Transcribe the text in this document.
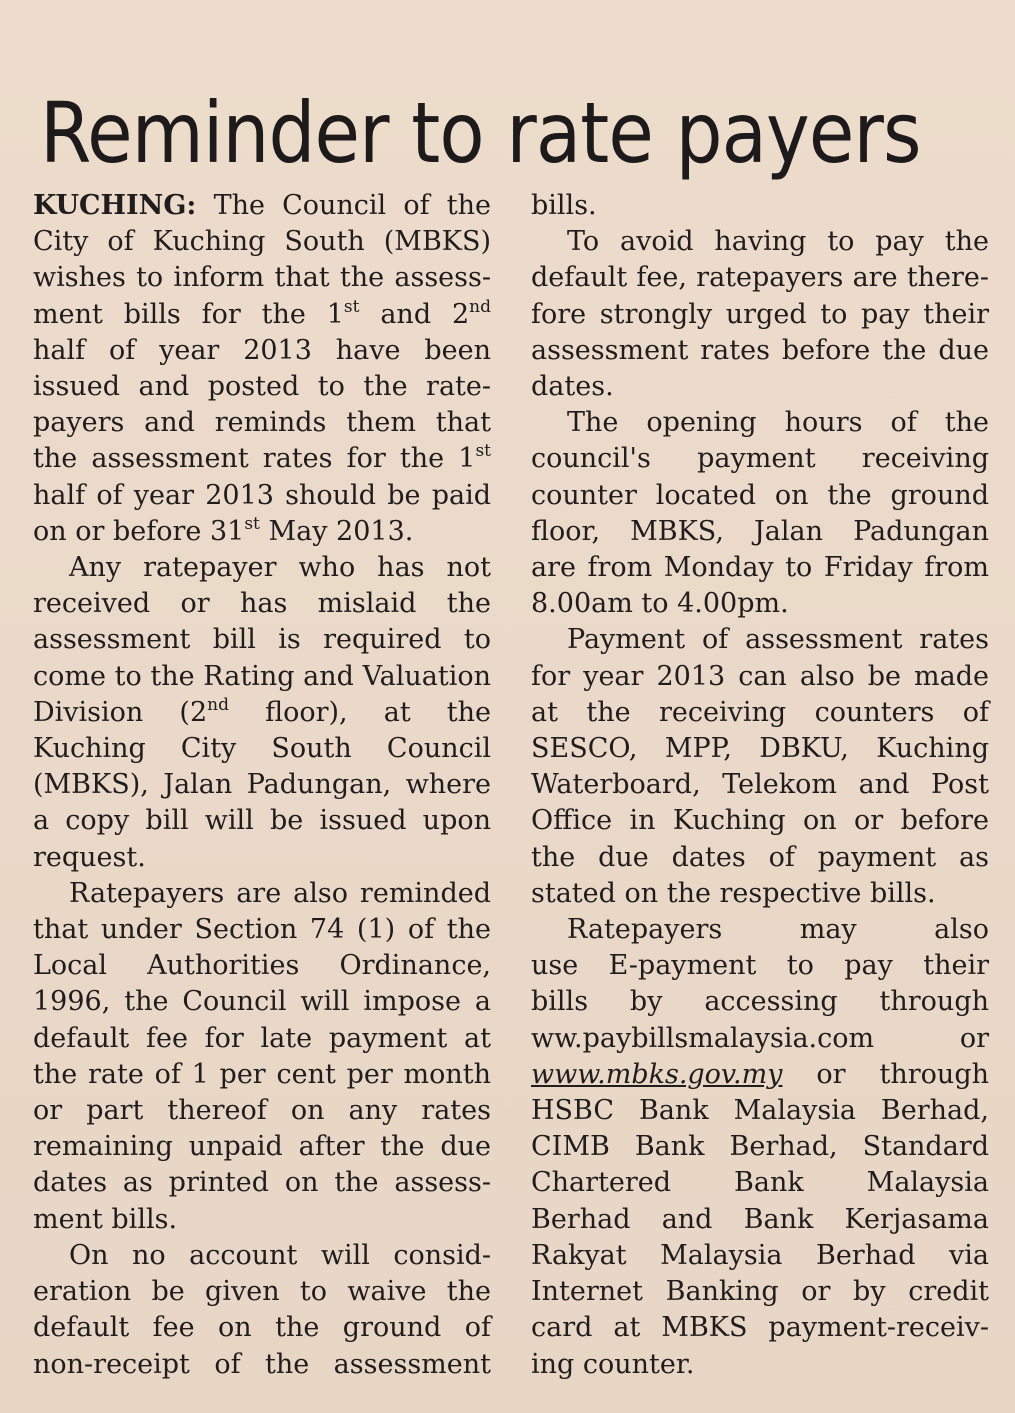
Reminder to rate payers

KUCHING: The Council of the
City of Kuching South (MBKS)
wishes to inform that the assess-
ment bills for the 1st and 2nd
half of year 2013 have been
issued and posted to the rate-
payers and reminds them that
the assessment rates for the 1st
half of year 2013 should be paid
on or before 31st May 2013.

Any ratepayer who has not
received or has mislaid the
assessment bill is required to
come to the Rating and Valuation
Division (2nd floor), at the
Kuching City South Council
(MBKS), Jalan Padungan, where
a copy bill will be issued upon
request.

Ratepayers are also reminded
that under Section 74 (1) of the
Local Authorities Ordinance,
1996, the Council will impose a
default fee for late payment at
the rate of 1 per cent per month
or part thereof on any rates
remaining unpaid after the due
dates as printed on the assess-
ment bills.

On no account will consid-
eration be given to waive the
default fee on the ground of
non-receipt of the assessment

bills.

To avoid having to pay the
default fee, ratepayers are there-
fore strongly urged to pay their
assessment rates before the due
dates.

The opening hours of the
council's payment receiving
counter located on the ground
floor, MBKS, Jalan Padungan
are from Monday to Friday from
8.00am to 4.00pm.

Payment of assessment rates
for year 2013 can also be made
at the receiving counters of
SESCO, MPP, DBKU, Kuching
Waterboard, Telekom and Post
Office in Kuching on or before
the due dates of payment as
stated on the respective bills.

Ratepayers may also
use E-payment to pay their
bills by accessing through
ww.paybillsmalaysia.com or
www.mbks.gov.my or through
HSBC Bank Malaysia Berhad,
CIMB Bank Berhad, Standard
Chartered Bank Malaysia
Berhad and Bank Kerjasama
Rakyat Malaysia Berhad via
Internet Banking or by credit
card at MBKS payment-receiv-
ing counter.
